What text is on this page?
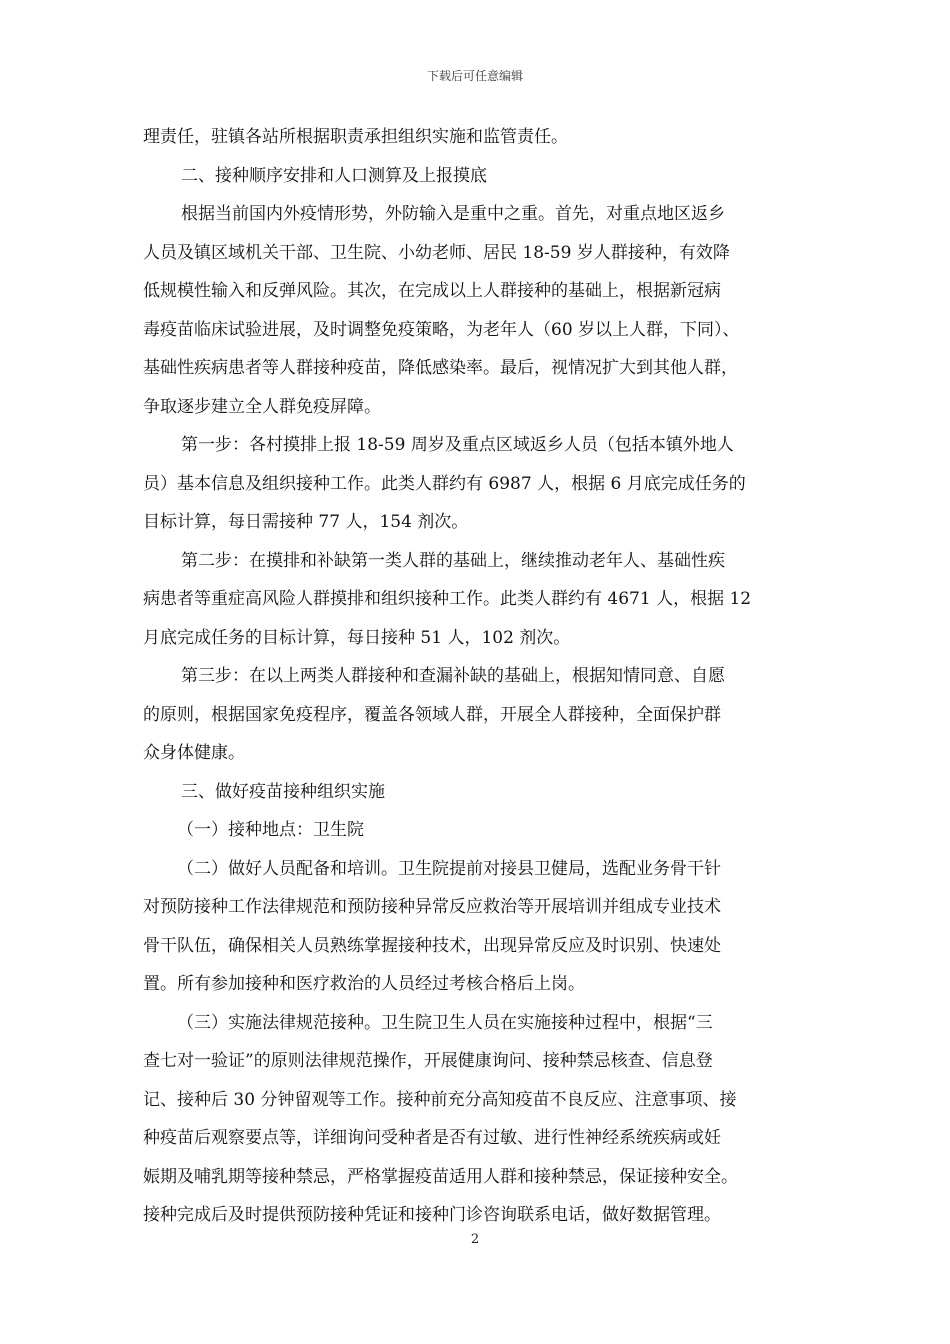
下载后可任意编辑
理责任，驻镇各站所根据职责承担组织实施和监管责任。
二、接种顺序安排和人口测算及上报摸底
根据当前国内外疫情形势，外防输入是重中之重。首先，对重点地区返乡
人员及镇区域机关干部、卫生院、小幼老师、居民 18-59 岁人群接种，有效降
低规模性输入和反弹风险。其次，在完成以上人群接种的基础上，根据新冠病
毒疫苗临床试验进展，及时调整免疫策略，为老年人（60 岁以上人群，下同）、
基础性疾病患者等人群接种疫苗，降低感染率。最后，视情况扩大到其他人群，
争取逐步建立全人群免疫屏障。
第一步：各村摸排上报 18-59 周岁及重点区域返乡人员（包括本镇外地人
员）基本信息及组织接种工作。此类人群约有 6987 人，根据 6 月底完成任务的
目标计算，每日需接种 77 人，154 剂次。
第二步：在摸排和补缺第一类人群的基础上，继续推动老年人、基础性疾
病患者等重症高风险人群摸排和组织接种工作。此类人群约有 4671 人，根据 12
月底完成任务的目标计算，每日接种 51 人，102 剂次。
第三步：在以上两类人群接种和查漏补缺的基础上，根据知情同意、自愿
的原则，根据国家免疫程序，覆盖各领域人群，开展全人群接种，全面保护群
众身体健康。
三、做好疫苗接种组织实施
（一）接种地点：卫生院
（二）做好人员配备和培训。卫生院提前对接县卫健局，选配业务骨干针
对预防接种工作法律规范和预防接种异常反应救治等开展培训并组成专业技术
骨干队伍，确保相关人员熟练掌握接种技术，出现异常反应及时识别、快速处
置。所有参加接种和医疗救治的人员经过考核合格后上岗。
（三）实施法律规范接种。卫生院卫生人员在实施接种过程中，根据“三
查七对一验证”的原则法律规范操作，开展健康询问、接种禁忌核查、信息登
记、接种后 30 分钟留观等工作。接种前充分高知疫苗不良反应、注意事项、接
种疫苗后观察要点等，详细询问受种者是否有过敏、进行性神经系统疾病或妊
娠期及哺乳期等接种禁忌，严格掌握疫苗适用人群和接种禁忌，保证接种安全。
接种完成后及时提供预防接种凭证和接种门诊咨询联系电话，做好数据管理。
2
